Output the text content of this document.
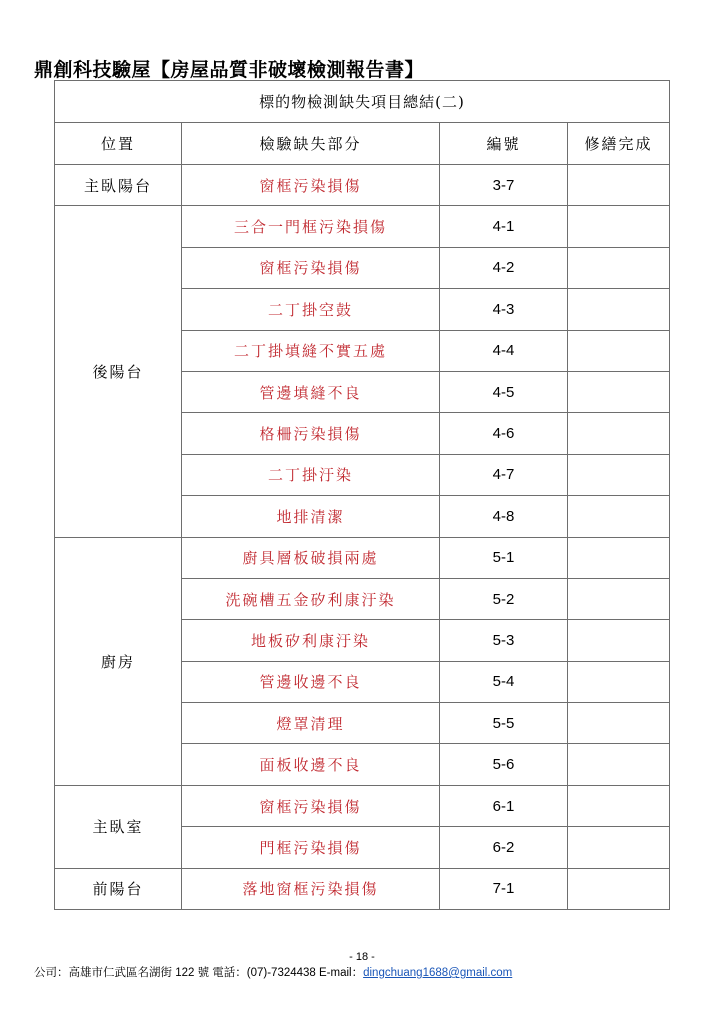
鼎創科技驗屋【房屋品質非破壞檢測報告書】
標的物檢測缺失項目總結(二)			
位置	檢驗缺失部分	編號	修繕完成
主臥陽台	窗框污染損傷	3-7	
後陽台	三合一門框污染損傷	4-1	
	窗框污染損傷	4-2	
	二丁掛空鼓	4-3	
	二丁掛填縫不實五處	4-4	
	管邊填縫不良	4-5	
	格柵污染損傷	4-6	
	二丁掛汙染	4-7	
	地排清潔	4-8	
廚房	廚具層板破損兩處	5-1	
	洗碗槽五金矽利康汙染	5-2	
	地板矽利康汙染	5-3	
	管邊收邊不良	5-4	
	燈罩清理	5-5	
	面板收邊不良	5-6	
主臥室	窗框污染損傷	6-1	
	門框污染損傷	6-2	
前陽台	落地窗框污染損傷	7-1	
- 18 -
公司：高雄市仁武區名湖街 122 號 電話：(07)-7324438 E-mail：dingchuang1688@gmail.com
